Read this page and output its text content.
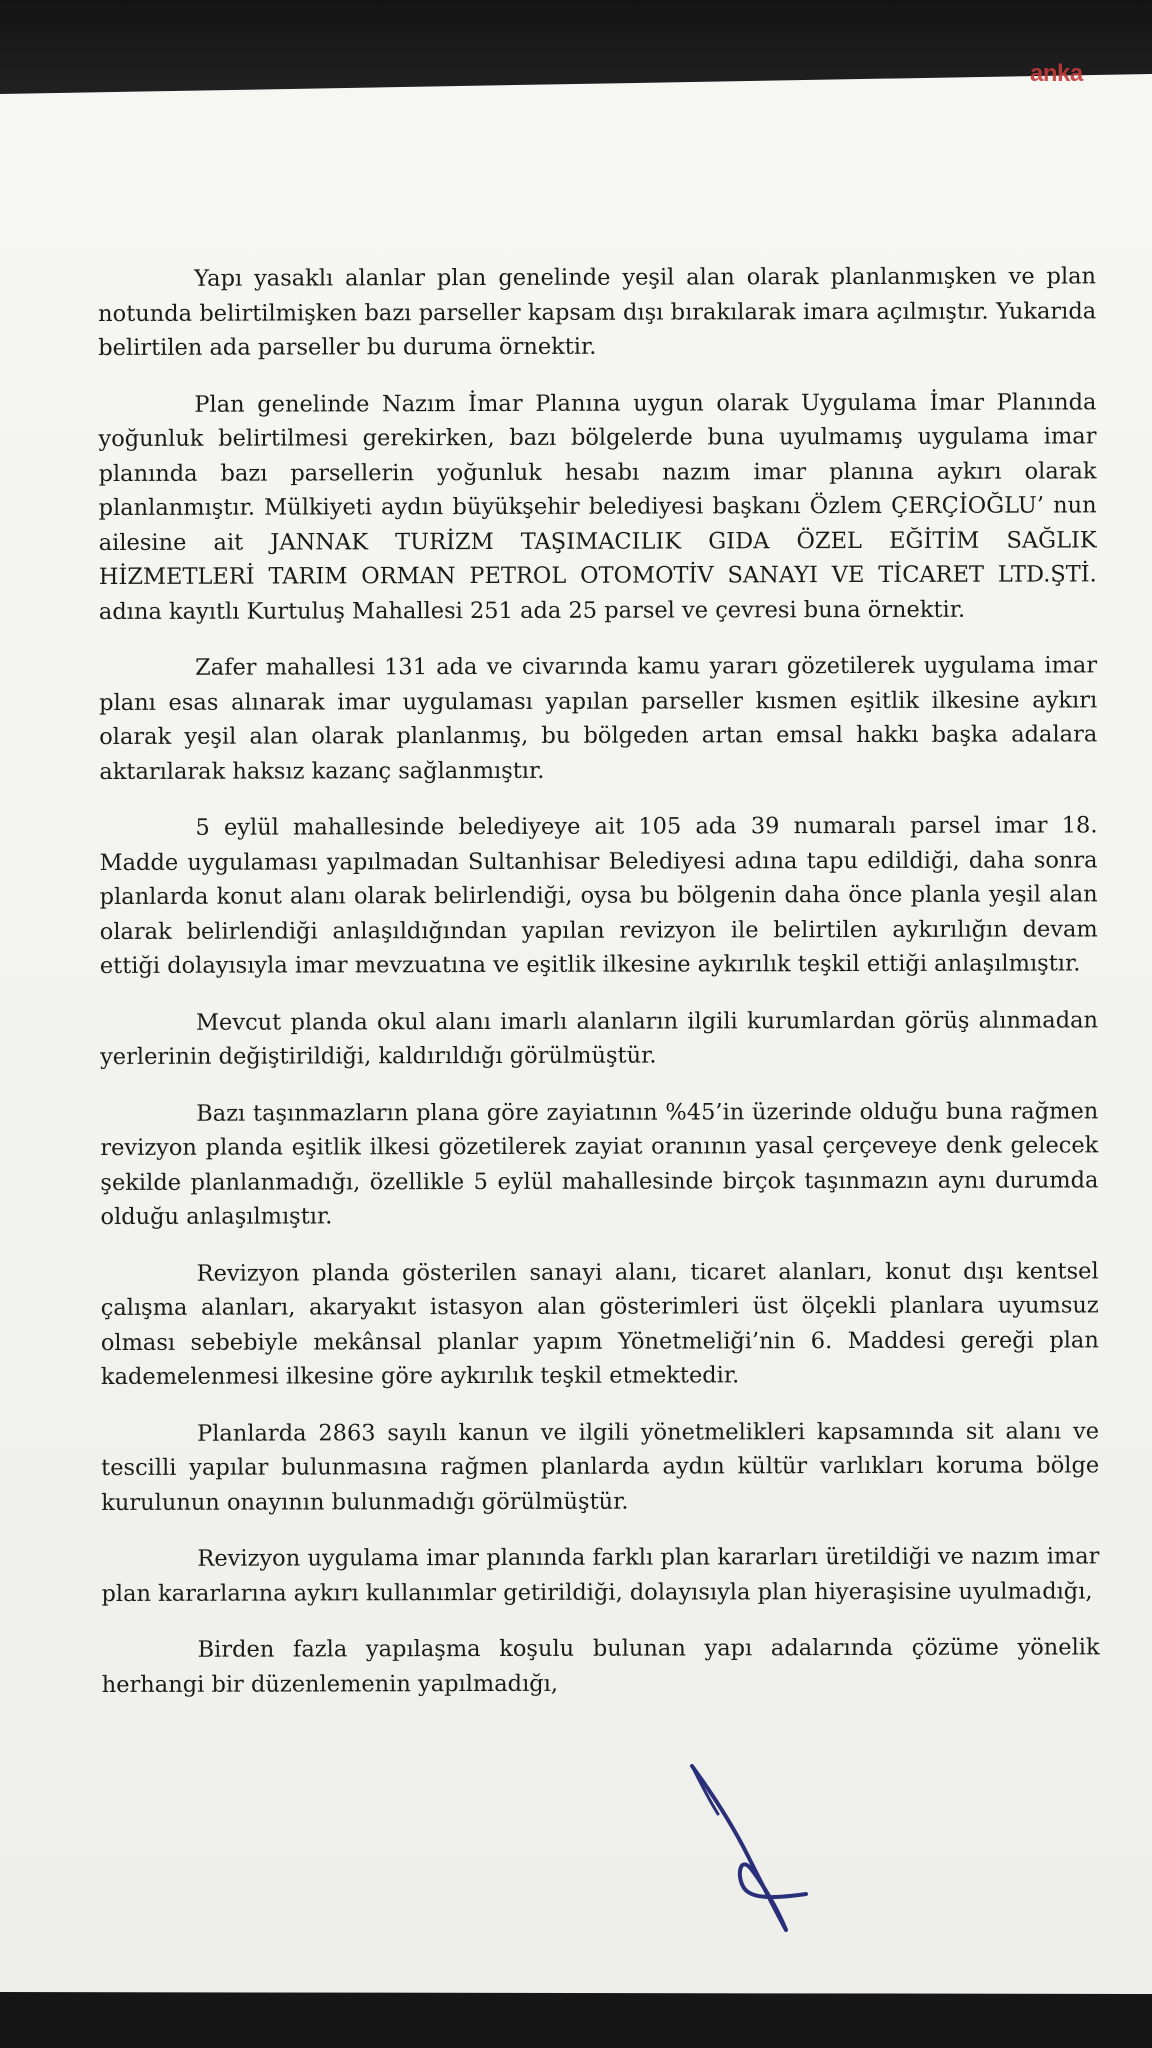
anka

Yapı yasaklı alanlar plan genelinde yeşil alan olarak planlanmışken ve plan notunda belirtilmişken bazı parseller kapsam dışı bırakılarak imara açılmıştır. Yukarıda belirtilen ada parseller bu duruma örnektir.

Plan genelinde Nazım İmar Planına uygun olarak Uygulama İmar Planında yoğunluk belirtilmesi gerekirken, bazı bölgelerde buna uyulmamış uygulama imar planında bazı parsellerin yoğunluk hesabı nazım imar planına aykırı olarak planlanmıştır. Mülkiyeti aydın büyükşehir belediyesi başkanı Özlem ÇERÇİOĞLU’ nun ailesine ait JANNAK TURİZM TAŞIMACILIK GIDA ÖZEL EĞİTİM SAĞLIK HİZMETLERİ TARIM ORMAN PETROL OTOMOTİV SANAYI VE TİCARET LTD.ŞTİ. adına kayıtlı Kurtuluş Mahallesi 251 ada 25 parsel ve çevresi buna örnektir.

Zafer mahallesi 131 ada ve civarında kamu yararı gözetilerek uygulama imar planı esas alınarak imar uygulaması yapılan parseller kısmen eşitlik ilkesine aykırı olarak yeşil alan olarak planlanmış, bu bölgeden artan emsal hakkı başka adalara aktarılarak haksız kazanç sağlanmıştır.

5 eylül mahallesinde belediyeye ait 105 ada 39 numaralı parsel imar 18. Madde uygulaması yapılmadan Sultanhisar Belediyesi adına tapu edildiği, daha sonra planlarda konut alanı olarak belirlendiği, oysa bu bölgenin daha önce planla yeşil alan olarak belirlendiği anlaşıldığından yapılan revizyon ile belirtilen aykırılığın devam ettiği dolayısıyla imar mevzuatına ve eşitlik ilkesine aykırılık teşkil ettiği anlaşılmıştır.

Mevcut planda okul alanı imarlı alanların ilgili kurumlardan görüş alınmadan yerlerinin değiştirildiği, kaldırıldığı görülmüştür.

Bazı taşınmazların plana göre zayiatının %45’in üzerinde olduğu buna rağmen revizyon planda eşitlik ilkesi gözetilerek zayiat oranının yasal çerçeveye denk gelecek şekilde planlanmadığı, özellikle 5 eylül mahallesinde birçok taşınmazın aynı durumda olduğu anlaşılmıştır.

Revizyon planda gösterilen sanayi alanı, ticaret alanları, konut dışı kentsel çalışma alanları, akaryakıt istasyon alan gösterimleri üst ölçekli planlara uyumsuz olması sebebiyle mekânsal planlar yapım Yönetmeliği’nin 6. Maddesi gereği plan kademelenmesi ilkesine göre aykırılık teşkil etmektedir.

Planlarda 2863 sayılı kanun ve ilgili yönetmelikleri kapsamında sit alanı ve tescilli yapılar bulunmasına rağmen planlarda aydın kültür varlıkları koruma bölge kurulunun onayının bulunmadığı görülmüştür.

Revizyon uygulama imar planında farklı plan kararları üretildiği ve nazım imar plan kararlarına aykırı kullanımlar getirildiği, dolayısıyla plan hiyeraşisine uyulmadığı,

Birden fazla yapılaşma koşulu bulunan yapı adalarında çözüme yönelik herhangi bir düzenlemenin yapılmadığı,
